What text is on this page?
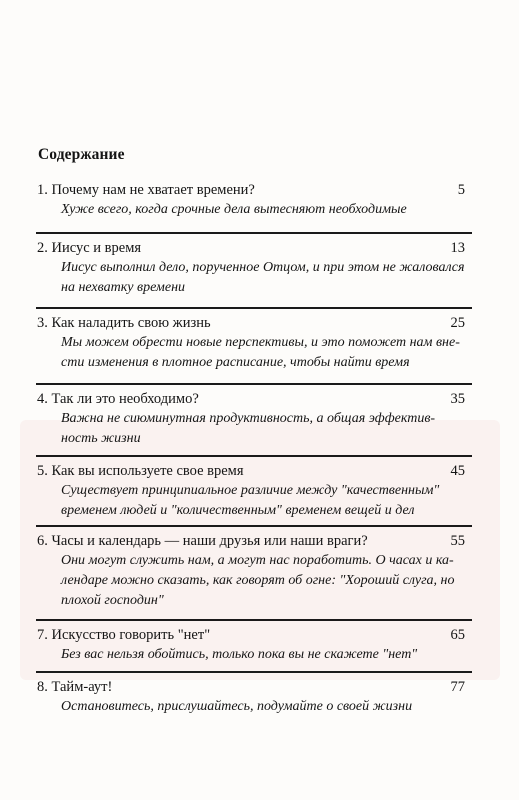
Содержание
1. Почему нам не хватает времени?	5
Хуже всего, когда срочные дела вытесняют необходимые
2. Иисус и время	13
Иисус выполнил дело, порученное Отцом, и при этом не жаловался
на нехватку времени
3. Как наладить свою жизнь	25
Мы можем обрести новые перспективы, и это поможет нам вне-
сти изменения в плотное расписание, чтобы найти время
4. Так ли это необходимо?	35
Важна не сиюминутная продуктивность, а общая эффектив-
ность жизни
5. Как вы используете свое время	45
Существует принципиальное различие между "качественным"
временем людей и "количественным" временем вещей и дел
6. Часы и календарь — наши друзья или наши враги?	55
Они могут служить нам, а могут нас поработить. О часах и ка-
лендаре можно сказать, как говорят об огне: "Хороший слуга, но
плохой господин"
7. Искусство говорить "нет"	65
Без вас нельзя обойтись, только пока вы не скажете "нет"
8. Тайм-аут!	77
Остановитесь, прислушайтесь, подумайте о своей жизни
